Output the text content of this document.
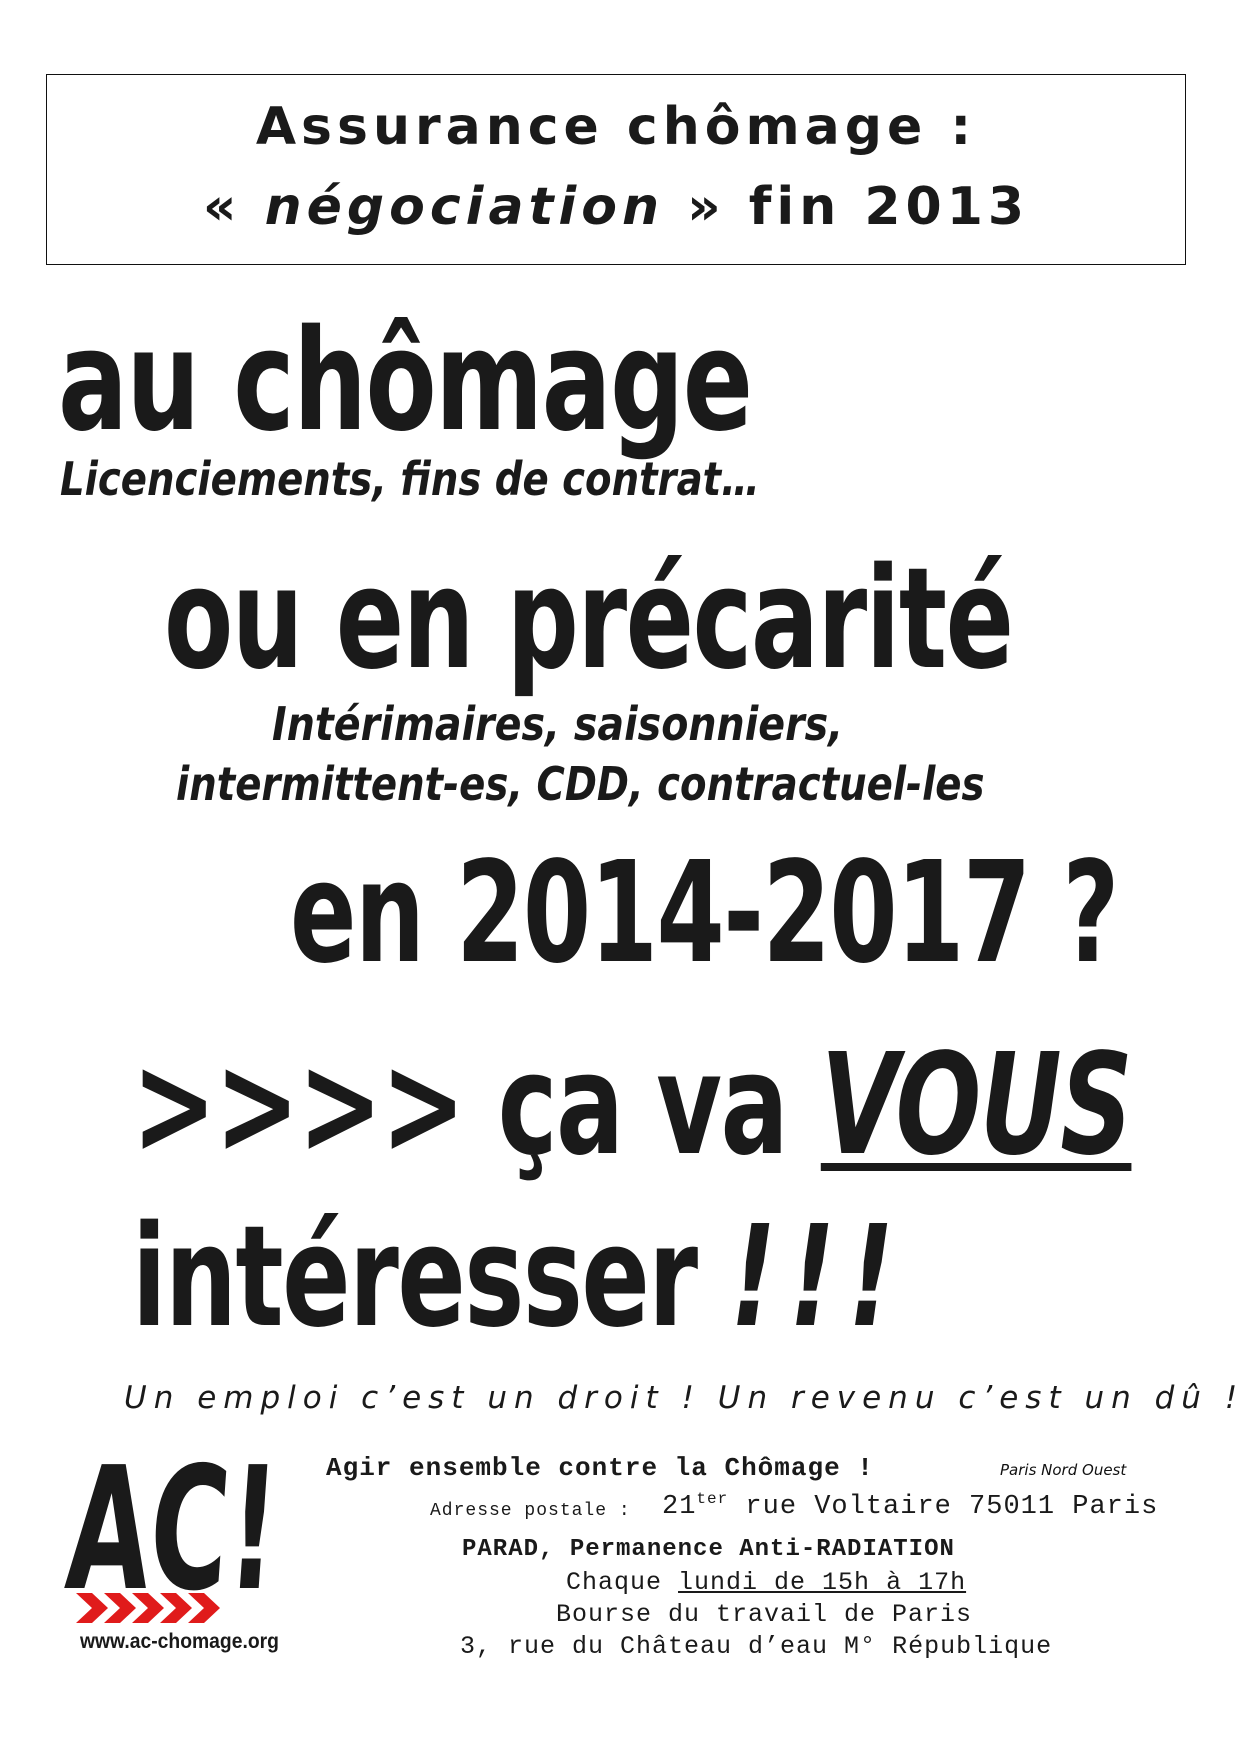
Assurance chômage :
« négociation » fin 2013
au chômage
Licenciements, fins de contrat…
ou en précarité
Intérimaires, saisonniers,
intermittent-es, CDD, contractuel-les
en 2014-2017 ?
>>>> ça va VOUS
intéresser !!!
Un emploi c’est un droit ! Un revenu c’est un dû !
AC!
www.ac-chomage.org
Agir ensemble contre la Chômage !	Paris Nord Ouest
Adresse postale : $21^{ter}$ rue Voltaire 75011 Paris
PARAD, Permanence Anti-RADIATION
Chaque lundi de 15h à 17h
Bourse du travail de Paris
3, rue du Château d’eau M° République
